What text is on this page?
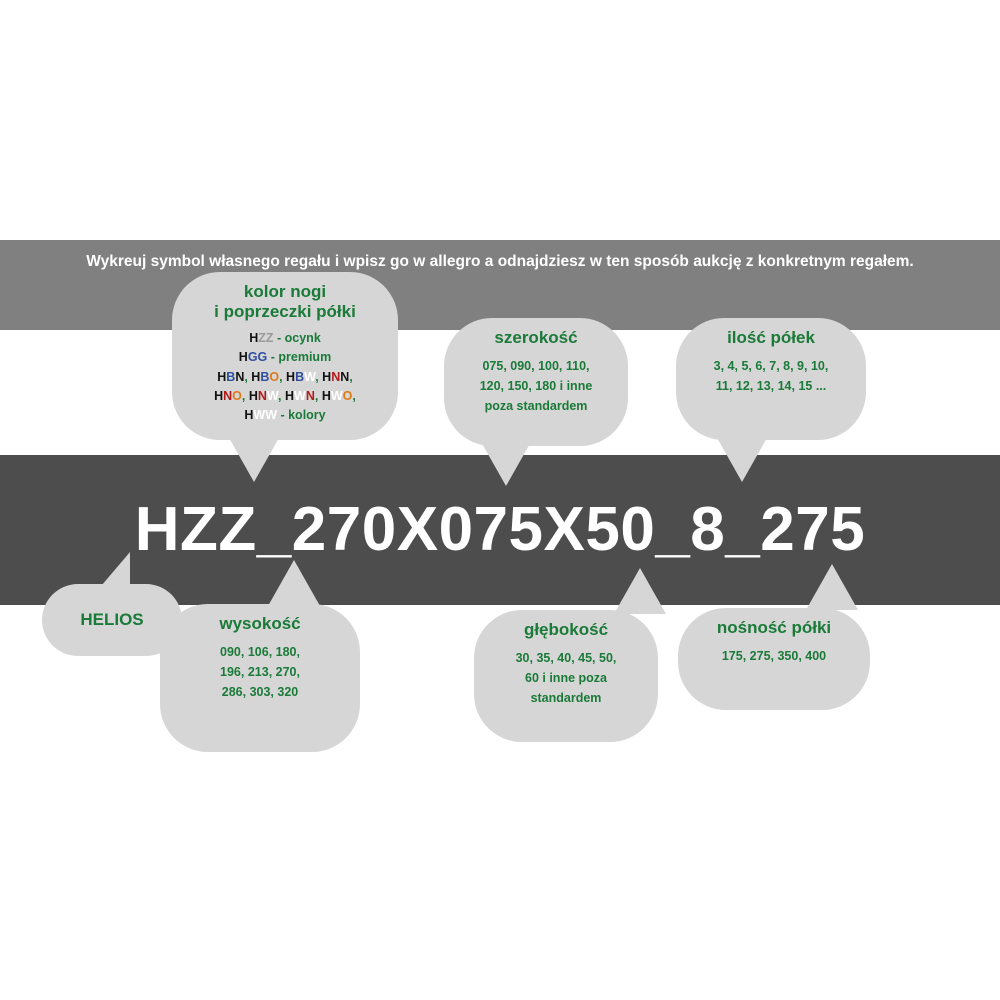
Wykreuj symbol własnego regału i wpisz go w allegro a odnajdziesz w ten sposób aukcję z konkretnym regałem.
HZZ_270X075X50_8_275
kolor nogi
i poprzeczki półki
HZZ - ocynk
HGG - premium
HBN, HBO, HBW, HNN,
HNO, HNW, HWN, HWO,
HWW - kolory
szerokość
075, 090, 100, 110,
120, 150, 180 i inne
poza standardem
ilość półek
3, 4, 5, 6, 7, 8, 9, 10,
11, 12, 13, 14, 15 ...
HELIOS	wysokość
090, 106, 180,
196, 213, 270,
286, 303, 320
głębokość
30, 35, 40, 45, 50,
60 i inne poza
standardem
nośność półki
175, 275, 350, 400
